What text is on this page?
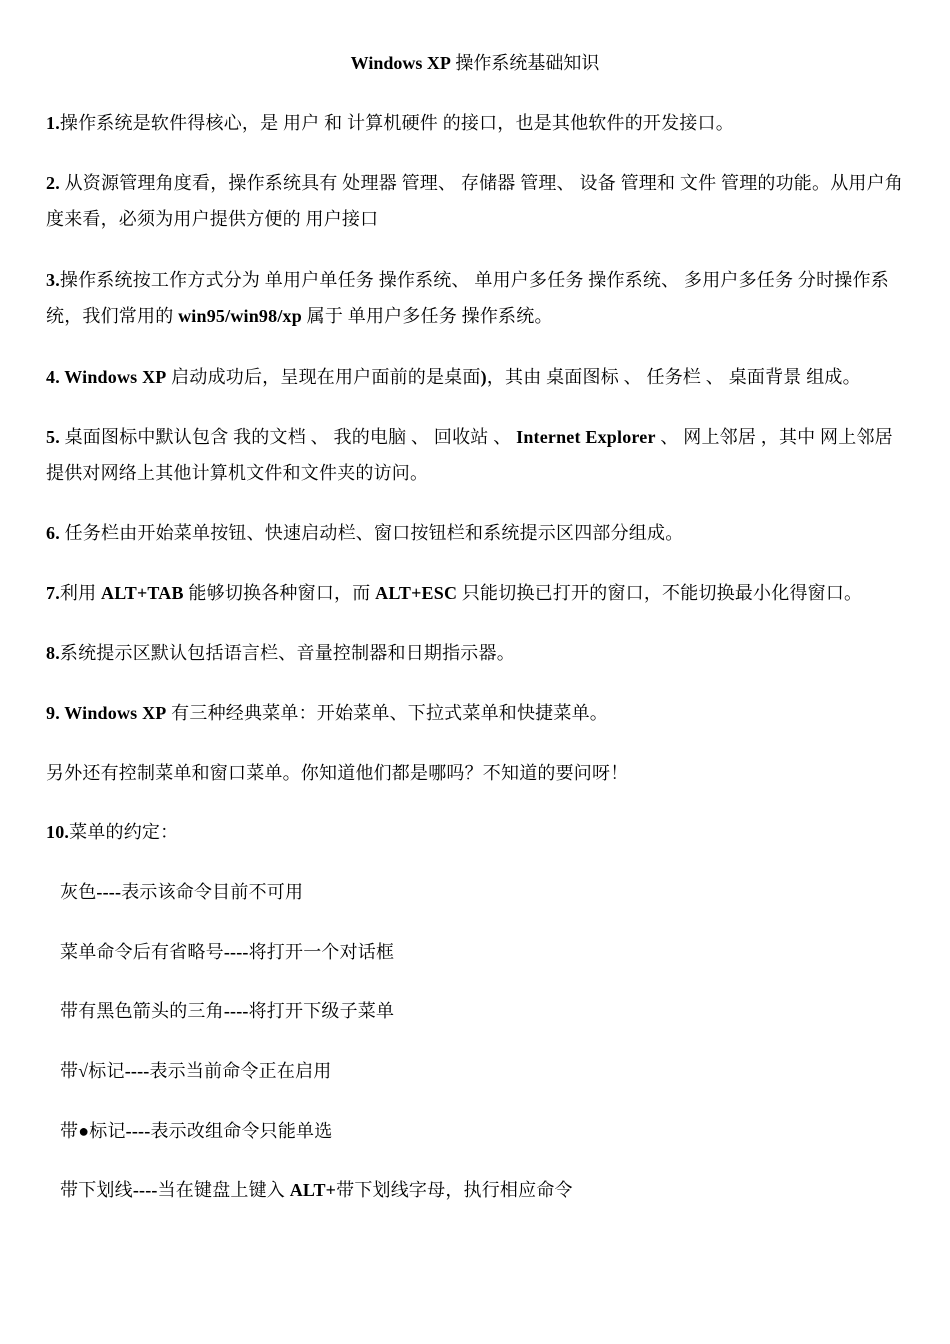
Windows XP 操作系统基础知识
1.操作系统是软件得核心，是 用户 和 计算机硬件 的接口，也是其他软件的开发接口。
2. 从资源管理角度看，操作系统具有 处理器 管理、 存储器 管理、 设备 管理和 文件 管理的功能。从用户角度来看，必须为用户提供方便的 用户接口
3.操作系统按工作方式分为 单用户单任务 操作系统、 单用户多任务 操作系统、 多用户多任务 分时操作系统，我们常用的 win95/win98/xp 属于 单用户多任务 操作系统。
4. Windows XP 启动成功后，呈现在用户面前的是桌面)，其由 桌面图标 、 任务栏 、 桌面背景 组成。
5. 桌面图标中默认包含 我的文档 、 我的电脑 、 回收站 、 Internet Explorer 、 网上邻居 ，其中 网上邻居 提供对网络上其他计算机文件和文件夹的访问。
6. 任务栏由开始菜单按钮、快速启动栏、窗口按钮栏和系统提示区四部分组成。
7.利用 ALT+TAB 能够切换各种窗口，而 ALT+ESC 只能切换已打开的窗口，不能切换最小化得窗口。
8.系统提示区默认包括语言栏、音量控制器和日期指示器。
9. Windows XP 有三种经典菜单：开始菜单、下拉式菜单和快捷菜单。
另外还有控制菜单和窗口菜单。你知道他们都是哪吗？不知道的要问呀！
10.菜单的约定：
灰色----表示该命令目前不可用
菜单命令后有省略号----将打开一个对话框
带有黑色箭头的三角----将打开下级子菜单
带√标记----表示当前命令正在启用
带●标记----表示改组命令只能单选
带下划线----当在键盘上键入 ALT+带下划线字母，执行相应命令
